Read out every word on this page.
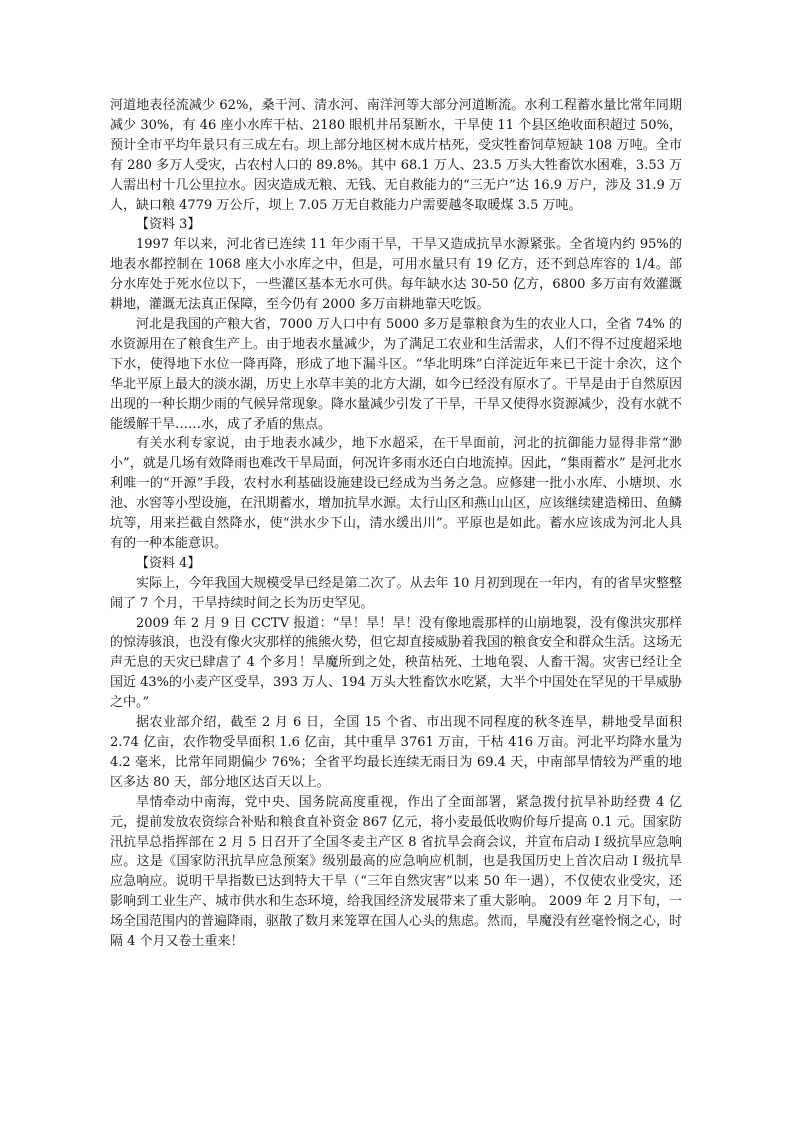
河道地表径流减少 62%，桑干河、清水河、南洋河等大部分河道断流。水利工程蓄水量比常年同期减少 30%，有 46 座小水库干枯、2180 眼机井吊泵断水，干旱使 11 个县区绝收面积超过 50%，预计全市平均年景只有三成左右。坝上部分地区树木成片枯死，受灾牲畜饲草短缺 108 万吨。全市有 280 多万人受灾，占农村人口的 89.8%。其中 68.1 万人、23.5 万头大牲畜饮水困难，3.53 万人需出村十几公里拉水。因灾造成无粮、无钱、无自救能力的“三无户”达 16.9 万户，涉及 31.9 万人，缺口粮 4779 万公斤，坝上 7.05 万无自救能力户需要越冬取暖煤 3.5 万吨。

【资料 3】

1997 年以来，河北省已连续 11 年少雨干旱，干旱又造成抗旱水源紧张。全省境内约 95%的地表水都控制在 1068 座大小水库之中，但是，可用水量只有 19 亿方，还不到总库容的 1/4。部分水库处于死水位以下，一些灌区基本无水可供。每年缺水达 30-50 亿方，6800 多万亩有效灌溉耕地，灌溉无法真正保障，至今仍有 2000 多万亩耕地靠天吃饭。

河北是我国的产粮大省，7000 万人口中有 5000 多万是靠粮食为生的农业人口，全省 74% 的水资源用在了粮食生产上。由于地表水量减少，为了满足工农业和生活需求，人们不得不过度超采地下水，使得地下水位一降再降，形成了地下漏斗区。“华北明珠”白洋淀近年来已干淀十余次，这个华北平原上最大的淡水湖，历史上水草丰美的北方大湖，如今已经没有原水了。干旱是由于自然原因出现的一种长期少雨的气候异常现象。降水量减少引发了干旱，干旱又使得水资源减少，没有水就不能缓解干旱……水，成了矛盾的焦点。

有关水利专家说，由于地表水减少，地下水超采，在干旱面前，河北的抗御能力显得非常“渺小”，就是几场有效降雨也难改干旱局面，何况许多雨水还白白地流掉。因此，“集雨蓄水” 是河北水利唯一的“开源”手段，农村水利基础设施建设已经成为当务之急。应修建一批小水库、小塘坝、水池、水窖等小型设施，在汛期蓄水，增加抗旱水源。太行山区和燕山山区，应该继续建造梯田、鱼鳞坑等，用来拦截自然降水，使“洪水少下山，清水缓出川”。平原也是如此。蓄水应该成为河北人具有的一种本能意识。

【资料 4】

实际上，今年我国大规模受旱已经是第二次了。从去年 10 月初到现在一年内，有的省旱灾整整闹了 7 个月，干旱持续时间之长为历史罕见。

2009 年 2 月 9 日 CCTV 报道：“旱！旱！旱！没有像地震那样的山崩地裂，没有像洪灾那样的惊涛骇浪，也没有像火灾那样的熊熊火势，但它却直接威胁着我国的粮食安全和群众生活。这场无声无息的天灾已肆虐了 4 个多月！旱魔所到之处，秧苗枯死、土地龟裂、人畜干渴。灾害已经让全国近 43%的小麦产区受旱，393 万人、194 万头大牲畜饮水吃紧，大半个中国处在罕见的干旱威胁之中。”

据农业部介绍，截至 2 月 6 日，全国 15 个省、市出现不同程度的秋冬连旱，耕地受旱面积 2.74 亿亩，农作物受旱面积 1.6 亿亩，其中重旱 3761 万亩，干枯 416 万亩。河北平均降水量为 4.2 毫米，比常年同期偏少 76%；全省平均最长连续无雨日为 69.4 天，中南部旱情较为严重的地区多达 80 天，部分地区达百天以上。

旱情牵动中南海，党中央、国务院高度重视，作出了全面部署，紧急拨付抗旱补助经费 4 亿元，提前发放农资综合补贴和粮食直补资金 867 亿元，将小麦最低收购价每斤提高 0.1 元。国家防汛抗旱总指挥部在 2 月 5 日召开了全国冬麦主产区 8 省抗旱会商会议，并宣布启动 I 级抗旱应急响应。这是《国家防汛抗旱应急预案》级别最高的应急响应机制，也是我国历史上首次启动 I 级抗旱应急响应。说明干旱指数已达到特大干旱（“三年自然灾害”以来 50 年一遇），不仅使农业受灾，还影响到工业生产、城市供水和生态环境，给我国经济发展带来了重大影响。 2009 年 2 月下旬，一场全国范围内的普遍降雨，驱散了数月来笼罩在国人心头的焦虑。然而，旱魔没有丝毫怜悯之心，时隔 4 个月又卷土重来！
